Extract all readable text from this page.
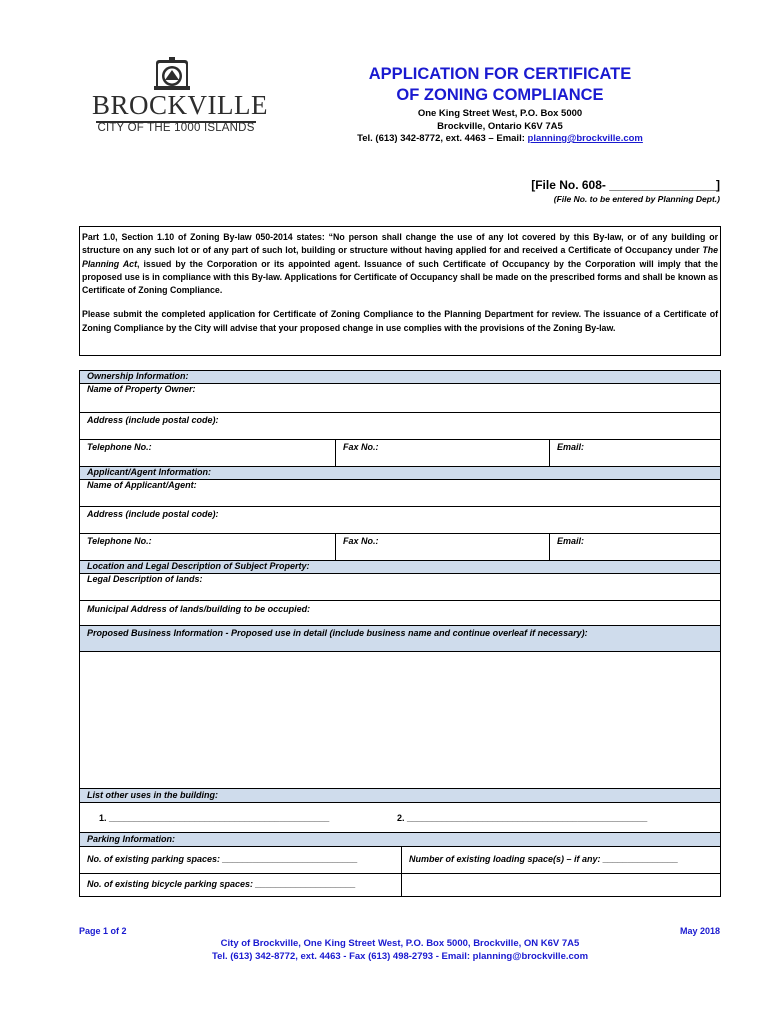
BROCKVILLE
CITY OF THE 1000 ISLANDS
APPLICATION FOR CERTIFICATE
OF ZONING COMPLIANCE
One King Street West, P.O. Box 5000
Brockville, Ontario K6V 7A5
Tel. (613) 342-8772, ext. 4463 – Email: planning@brockville.com
[File No. 608- ________________]
(File No. to be entered by Planning Dept.)

Part 1.0, Section 1.10 of Zoning By-law 050-2014 states: “No person shall change the use of any lot covered by this By-law, or of any building or structure on any such lot or of any part of such lot, building or structure without having applied for and received a Certificate of Occupancy under The Planning Act, issued by the Corporation or its appointed agent. Issuance of such Certificate of Occupancy by the Corporation will imply that the proposed use is in compliance with this By-law. Applications for Certificate of Occupancy shall be made on the prescribed forms and shall be known as Certificate of Zoning Compliance.

Please submit the completed application for Certificate of Zoning Compliance to the Planning Department for review. The issuance of a Certificate of Zoning Compliance by the City will advise that your proposed change in use complies with the provisions of the Zoning By-law.

Ownership Information:
Name of Property Owner:
Address (include postal code):
Telephone No.:	Fax No.:	Email:
Applicant/Agent Information:
Name of Applicant/Agent:
Address (include postal code):
Telephone No.:	Fax No.:	Email:
Location and Legal Description of Subject Property:
Legal Description of lands:
Municipal Address of lands/building to be occupied:
Proposed Business Information - Proposed use in detail (include business name and continue overleaf if necessary):
List other uses in the building:
1. ____________________________________________	2. ________________________________________________
Parking Information:
No. of existing parking spaces: ___________________________	Number of existing loading space(s) – if any: _______________
No. of existing bicycle parking spaces: ____________________
Page 1 of 2	May 2018
City of Brockville, One King Street West, P.O. Box 5000, Brockville, ON K6V 7A5
Tel. (613) 342-8772, ext. 4463 - Fax (613) 498-2793 - Email: planning@brockville.com
